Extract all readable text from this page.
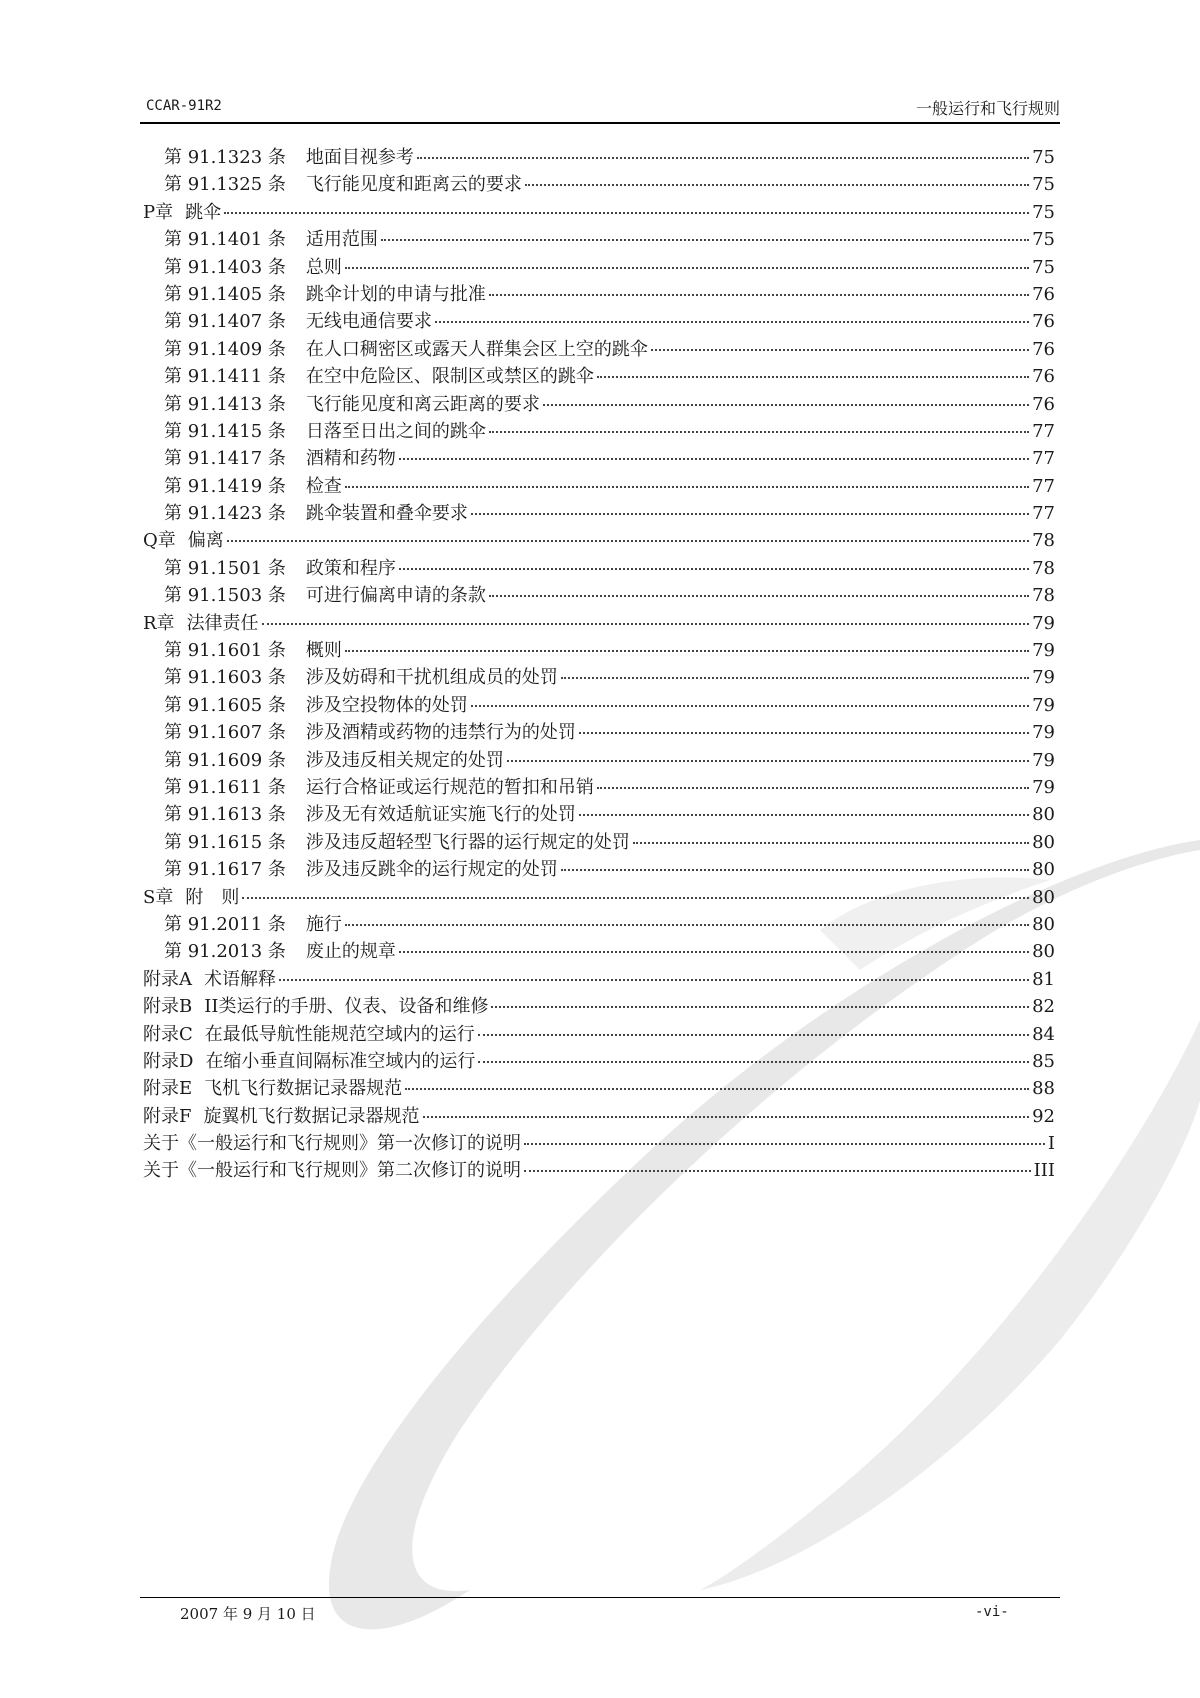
CCAR-91R2	一般运行和飞行规则
第 91.1323 条 地面目视参考	75
第 91.1325 条 飞行能见度和距离云的要求	75
P章 跳伞	75
第 91.1401 条 适用范围	75
第 91.1403 条 总则	75
第 91.1405 条 跳伞计划的申请与批准	76
第 91.1407 条 无线电通信要求	76
第 91.1409 条 在人口稠密区或露天人群集会区上空的跳伞	76
第 91.1411 条 在空中危险区、限制区或禁区的跳伞	76
第 91.1413 条 飞行能见度和离云距离的要求	76
第 91.1415 条 日落至日出之间的跳伞	77
第 91.1417 条 酒精和药物	77
第 91.1419 条 检查	77
第 91.1423 条 跳伞装置和叠伞要求	77
Q章 偏离	78
第 91.1501 条 政策和程序	78
第 91.1503 条 可进行偏离申请的条款	78
R章 法律责任	79
第 91.1601 条 概则	79
第 91.1603 条 涉及妨碍和干扰机组成员的处罚	79
第 91.1605 条 涉及空投物体的处罚	79
第 91.1607 条 涉及酒精或药物的违禁行为的处罚	79
第 91.1609 条 涉及违反相关规定的处罚	79
第 91.1611 条 运行合格证或运行规范的暂扣和吊销	79
第 91.1613 条 涉及无有效适航证实施飞行的处罚	80
第 91.1615 条 涉及违反超轻型飞行器的运行规定的处罚	80
第 91.1617 条 涉及违反跳伞的运行规定的处罚	80
S章 附　则	80
第 91.2011 条 施行	80
第 91.2013 条 废止的规章	80
附录A 术语解释	81
附录B II类运行的手册、仪表、设备和维修	82
附录C 在最低导航性能规范空域内的运行	84
附录D 在缩小垂直间隔标准空域内的运行	85
附录E 飞机飞行数据记录器规范	88
附录F 旋翼机飞行数据记录器规范	92
关于《一般运行和飞行规则》第一次修订的说明	I
关于《一般运行和飞行规则》第二次修订的说明	III
2007 年 9 月 10 日	-vi-
